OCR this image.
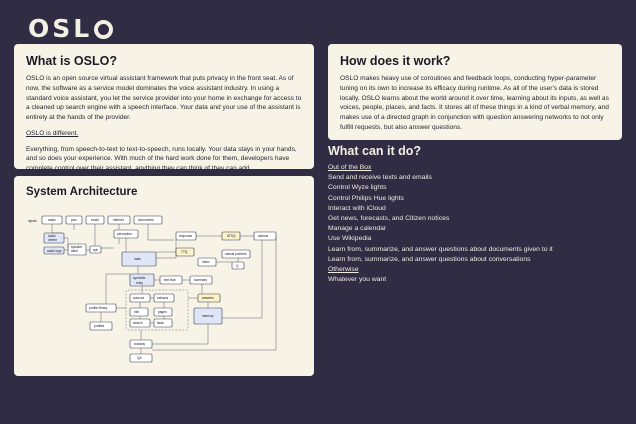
OSL
What is OSLO?

OSLO is an open source virtual assistant framework that puts privacy in the front seat. As of now, the software as a service model dominates the voice assistant industry. In using a standard voice assistant, you let the service provider into your home in exchange for access to a cleaned up search engine with a speech interface. Your data and your use of the assistant is entirely at the hands of the provider.

OSLO is different.

Everything, from speech-to-text to text-to-speech, runs locally. Your data stays in your hands, and so does your experience. With much of the hard work done for them, developers have complete control over their assistant, anything they can think of they can add.

How does it work?

OSLO makes heavy use of coroutines and feedback loops, conducting hyper-parameter tuning on its own to increase its efficacy during runtime. As all of the user's data is stored locally, OSLO learns about the world around it over time, learning about its inputs, as well as voices, people, places, and facts. It stores all of these things in a kind of verbal memory, and makes use of a directed graph in conjunction with question answering networks to not only fulfill requests, but also answer questions.

What can it do?
Out of the Box
Send and receive texts and emails
Control Wyze lights
Control Philips Hue lights
Interact with iCloud
Get news, forecasts, and Citizen notices
Manage a calendar
Use Wikipedia
Learn from, summarize, and answer questions about documents given to it
Learn from, summarize, and answer questions about conversations
Otherwise
Whatever you want
System Architecture
inputs	audio	pics	email	internet	documents
audio
center
audio logs
speaker
ident	spk
perception	response	ATSQ	actions
main
TTQ
index
causal pointers
Q
symbolic
relay
text flow	summary
sources	extracts
pages
info
search	facts
answers
memory
profile library
profiles
custody
QA
